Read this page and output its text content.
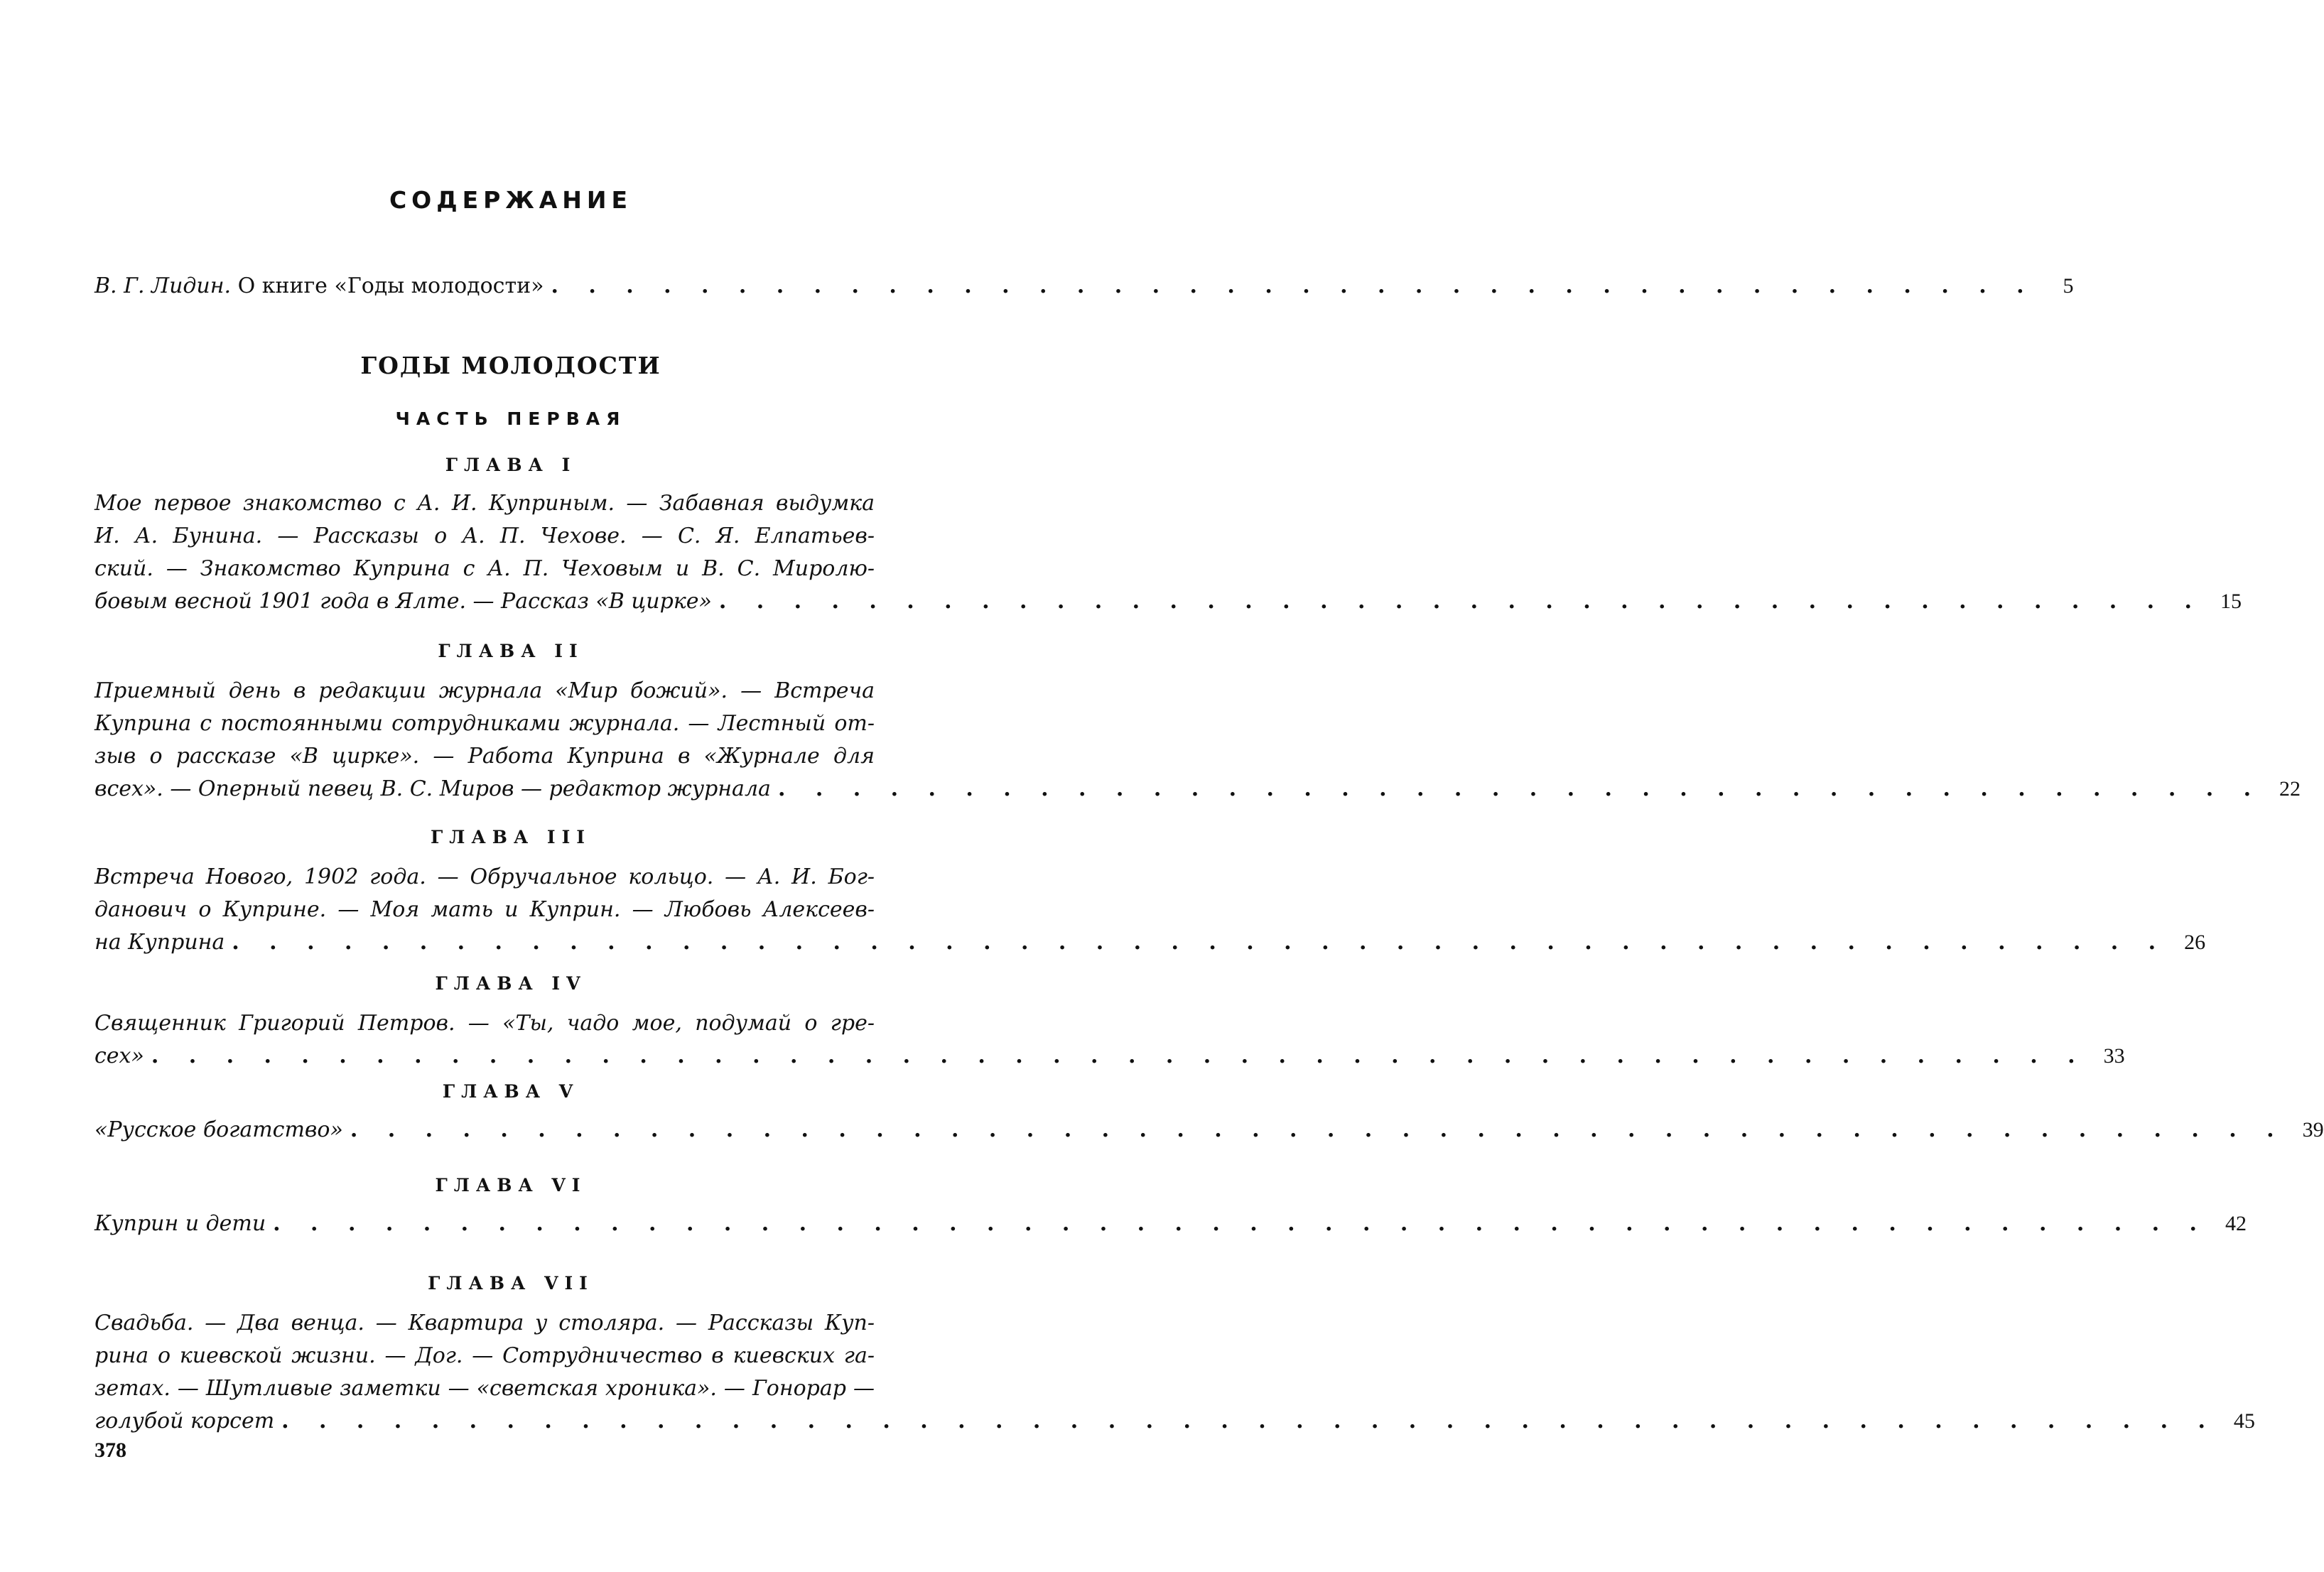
СОДЕРЖАНИЕ
В. Г. Лидин. О книге «Годы молодости» . . . . . . . . . . . . . . . . . . . . . . . . . . . . . . . . . . . . . . . .	5
ГОДЫ МОЛОДОСТИ
ЧАСТЬ ПЕРВАЯ
ГЛАВА I
Мое первое знакомство с А. И. Куприным. — Забавная выдумка
И. А. Бунина. — Рассказы о А. П. Чехове. — С. Я. Елпатьев-
ский. — Знакомство Куприна с А. П. Чеховым и В. С. Миролю-
бовым весной 1901 года в Ялте. — Рассказ «В цирке» . . . . . . . . . . . . . . . . . . . . . . . . . . . . . . . . . . . . . . . . 15
ГЛАВА II
Приемный день в редакции журнала «Мир божий». — Встреча
Куприна с постоянными сотрудниками журнала. — Лестный от-
зыв о рассказе «В цирке». — Работа Куприна в «Журнале для
всех». — Оперный певец В. С. Миров — редактор журнала . . . . . . . . . . . . . . . . . . . . . . . . . . . . . . . . . . . . . . . . 22
ГЛАВА III
Встреча Нового, 1902 года. — Обручальное кольцо. — А. И. Бог-
данович о Куприне. — Моя мать и Куприн. — Любовь Алексеев-
на Куприна . . . . . . . . . . . . . . . . . . . . . . . . . . . . . . . . . . . . . . . . . . . . . . . . . . . . 26
ГЛАВА IV
Священник Григорий Петров. — «Ты, чадо мое, подумай о гре-
сех» . . . . . . . . . . . . . . . . . . . . . . . . . . . . . . . . . . . . . . . . . . . . . . . . . . . . 33
ГЛАВА V
«Русское богатство» . . . . . . . . . . . . . . . . . . . . . . . . . . . . . . . . . . . . . . . . . . . . . . . . . . . . 39
ГЛАВА VI
Куприн и дети . . . . . . . . . . . . . . . . . . . . . . . . . . . . . . . . . . . . . . . . . . . . . . . . . . . . 42
ГЛАВА VII
Свадьба. — Два венца. — Квартира у столяра. — Рассказы Куп-
рина о киевской жизни. — Дог. — Сотрудничество в киевских га-
зетах. — Шутливые заметки — «светская хроника». — Гонорар —
голубой корсет . . . . . . . . . . . . . . . . . . . . . . . . . . . . . . . . . . . . . . . . . . . . . . . . . . . . 45
378
